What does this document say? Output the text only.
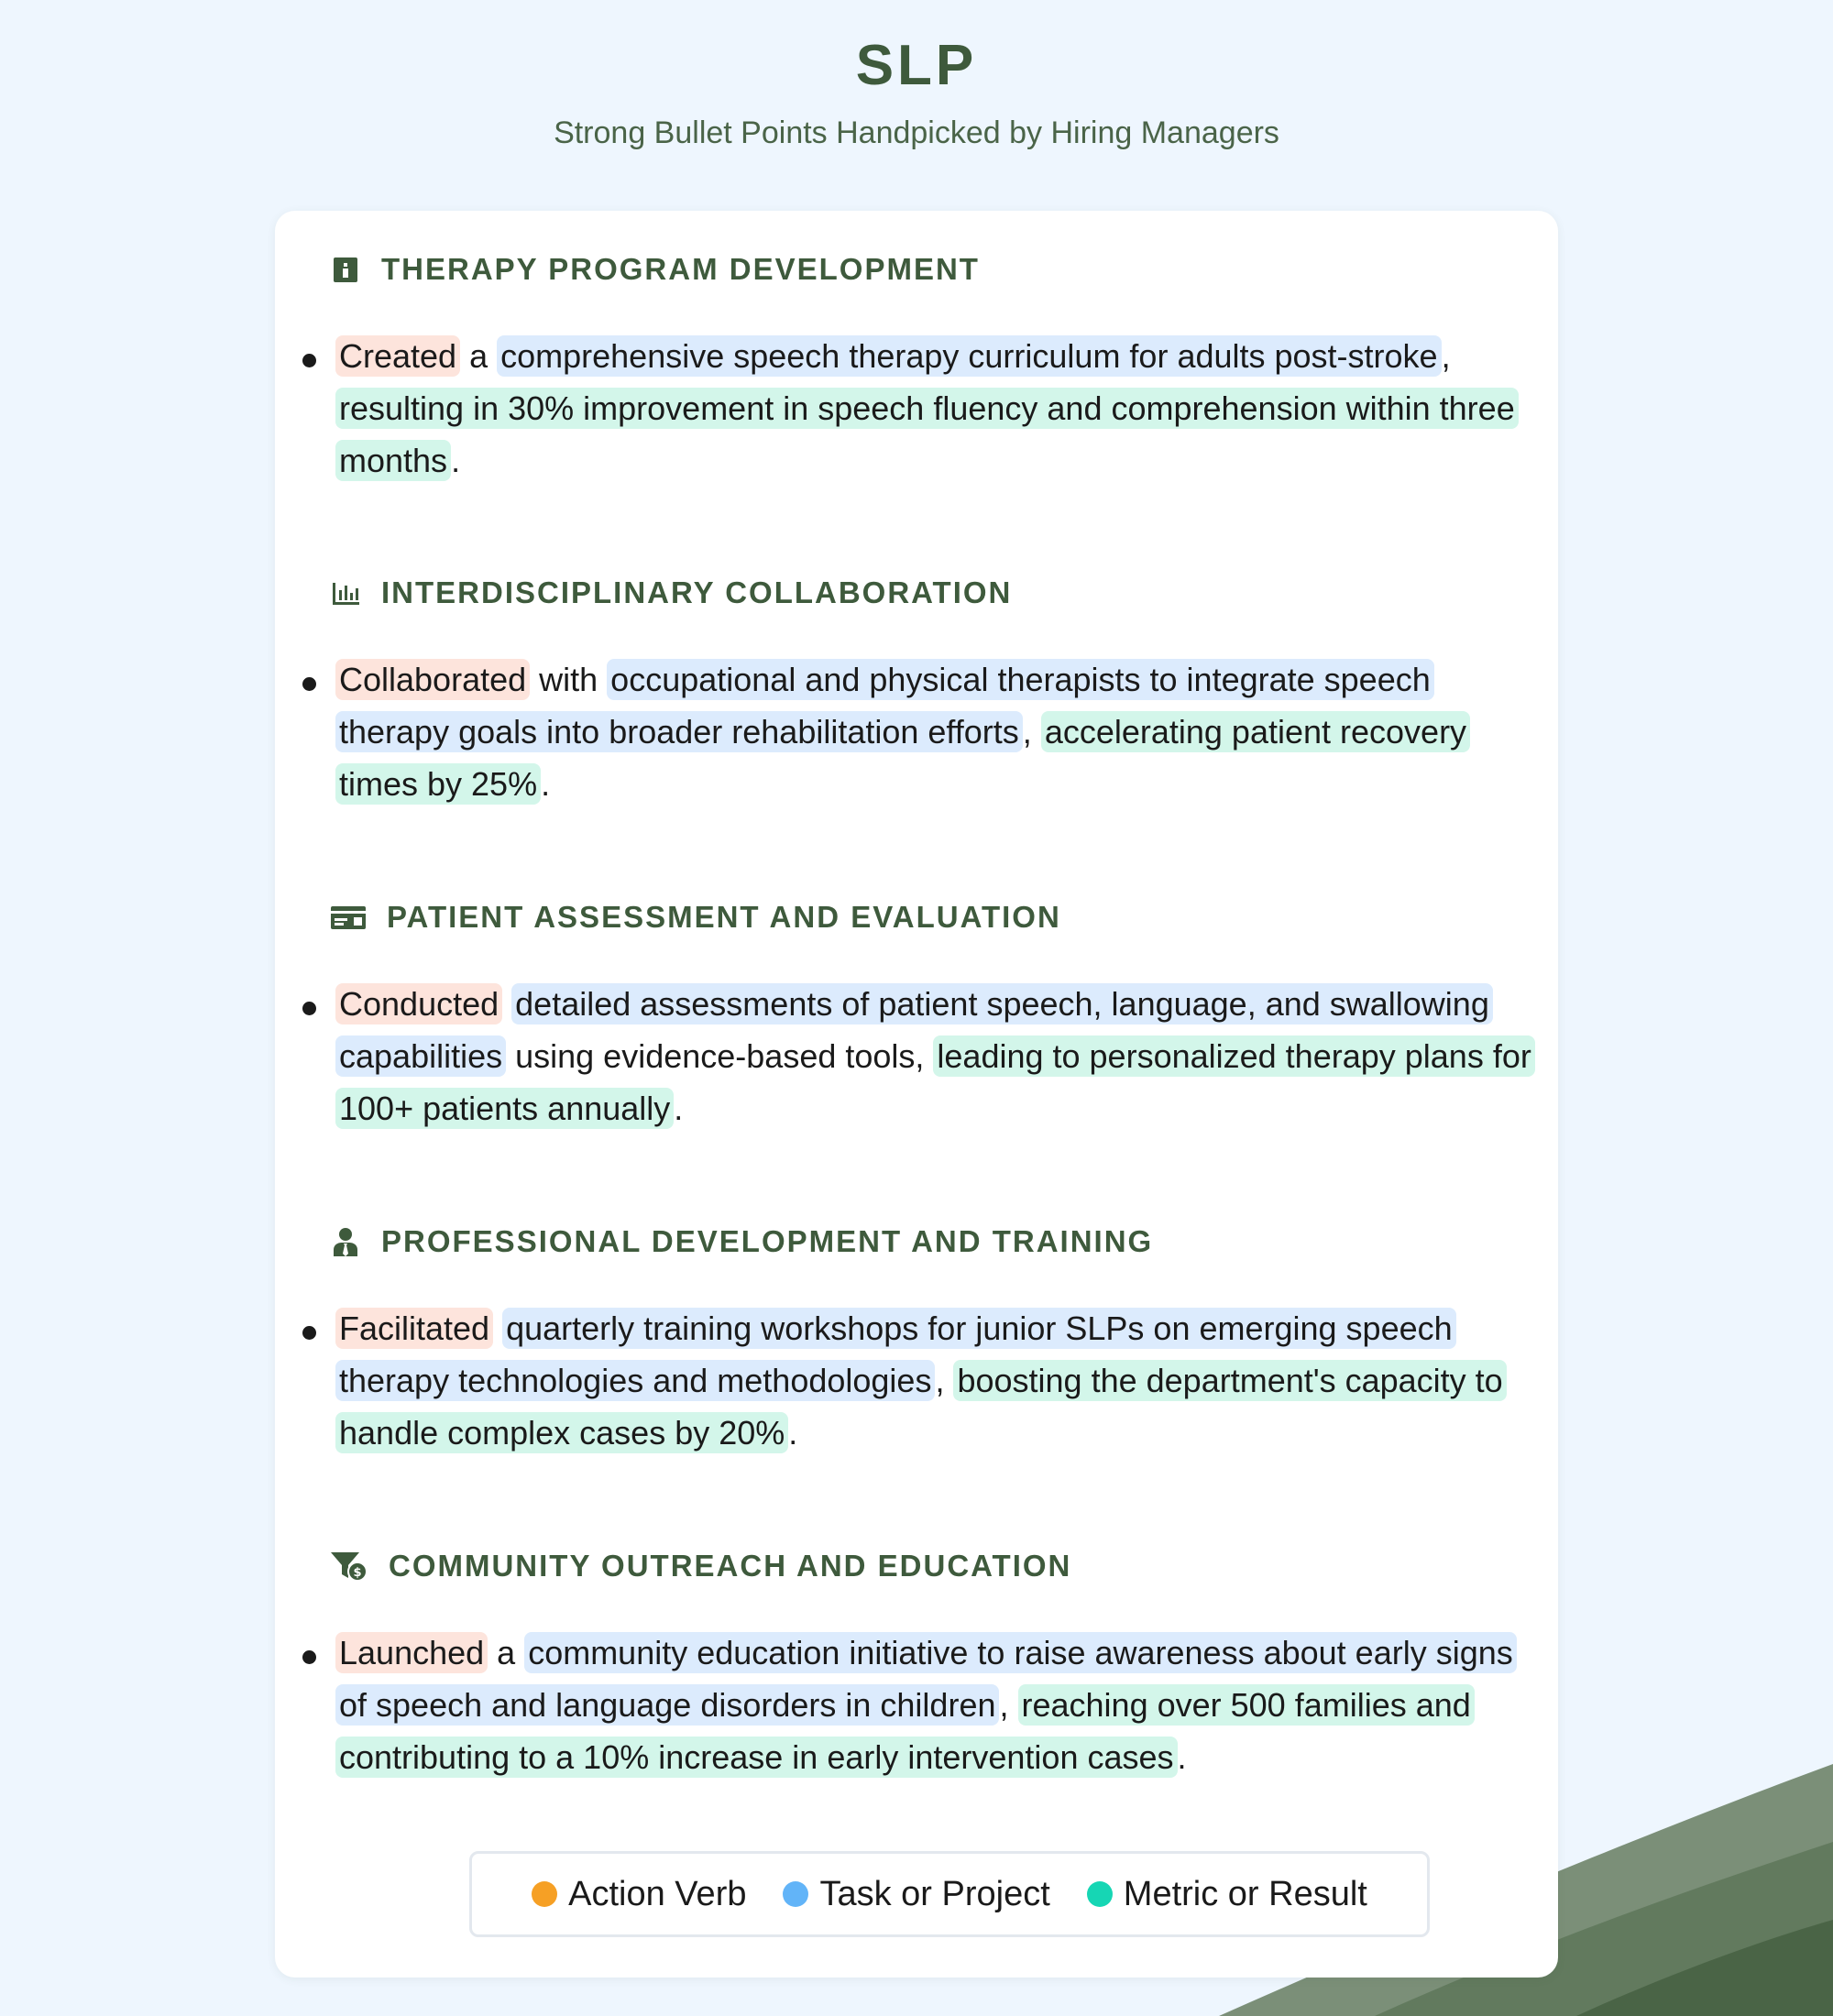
SLP
Strong Bullet Points Handpicked by Hiring Managers
THERAPY PROGRAM DEVELOPMENT
Created a comprehensive speech therapy curriculum for adults post-stroke , resulting in 30% improvement in speech fluency and comprehension within three months .
INTERDISCIPLINARY COLLABORATION
Collaborated with occupational and physical therapists to integrate speech therapy goals into broader rehabilitation efforts , accelerating patient recovery times by 25% .
PATIENT ASSESSMENT AND EVALUATION
Conducted detailed assessments of patient speech, language, and swallowing capabilities using evidence-based tools, leading to personalized therapy plans for 100+ patients annually .
PROFESSIONAL DEVELOPMENT AND TRAINING
Facilitated quarterly training workshops for junior SLPs on emerging speech therapy technologies and methodologies , boosting the department's capacity to handle complex cases by 20% .
$ COMMUNITY OUTREACH AND EDUCATION
Launched a community education initiative to raise awareness about early signs of speech and language disorders in children , reaching over 500 families and contributing to a 10% increase in early intervention cases .
Action Verb Task or Project Metric or Result
